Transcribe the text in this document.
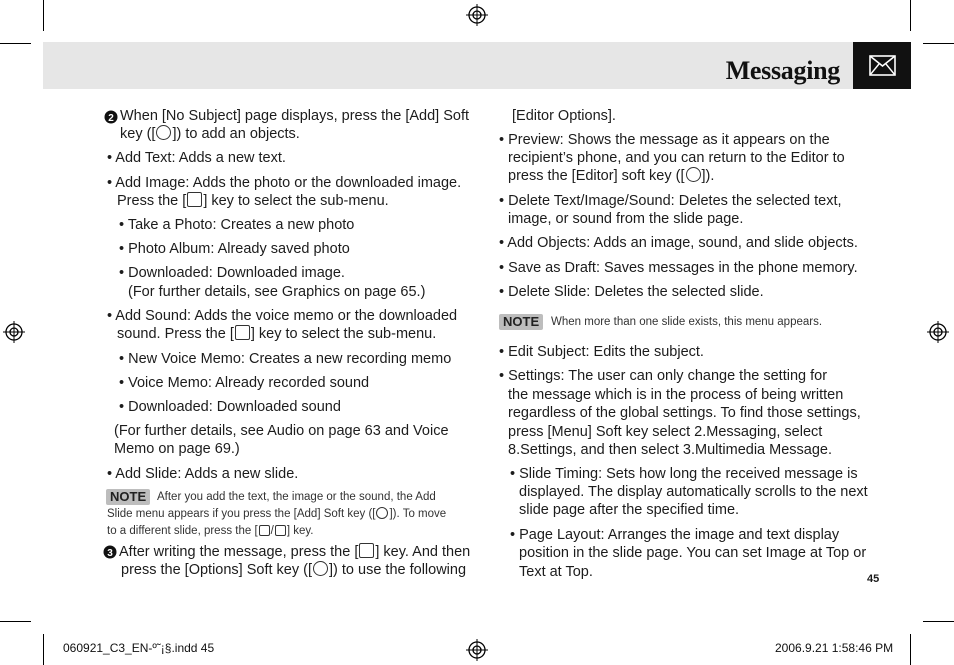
Messaging
2 When [No Subject] page displays, press the [Add] Soft
key ([ ]) to add an objects.
• Add Text: Adds a new text.
• Add Image: Adds the photo or the downloaded image.
Press the [ ] key to select the sub-menu.
• Take a Photo: Creates a new photo
• Photo Album: Already saved photo
• Downloaded: Downloaded image.
(For further details, see Graphics on page 65.)
• Add Sound: Adds the voice memo or the downloaded
sound. Press the [ ] key to select the sub-menu.
• New Voice Memo: Creates a new recording memo
• Voice Memo: Already recorded sound
• Downloaded: Downloaded sound
(For further details, see Audio on page 63 and Voice
Memo on page 69.)
• Add Slide: Adds a new slide.
NOTE After you add the text, the image or the sound, the Add
Slide menu appears if you press the [Add] Soft key ([ ]). To move
to a different slide, press the [ / ] key.
3 After writing the message, press the [ ] key. And then
press the [Options] Soft key ([ ]) to use the following
[Editor Options].
• Preview: Shows the message as it appears on the
recipient’s phone, and you can return to the Editor to
press the [Editor] soft key ([ ]).
• Delete Text/Image/Sound: Deletes the selected text,
image, or sound from the slide page.
• Add Objects: Adds an image, sound, and slide objects.
• Save as Draft: Saves messages in the phone memory.
• Delete Slide: Deletes the selected slide.
NOTE	When more than one slide exists, this menu appears.
• Edit Subject: Edits the subject.
• Settings: The user can only change the setting for
the message which is in the process of being written
regardless of the global settings. To find those settings,
press [Menu] Soft key select 2.Messaging, select
8.Settings, and then select 3.Multimedia Message.
• Slide Timing: Sets how long the received message is
displayed. The display automatically scrolls to the next
slide page after the specified time.
• Page Layout: Arranges the image and text display
position in the slide page. You can set Image at Top or
Text at Top.	45
060921_C3_EN-º˜¡§.indd 45	2006.9.21 1:58:46 PM
